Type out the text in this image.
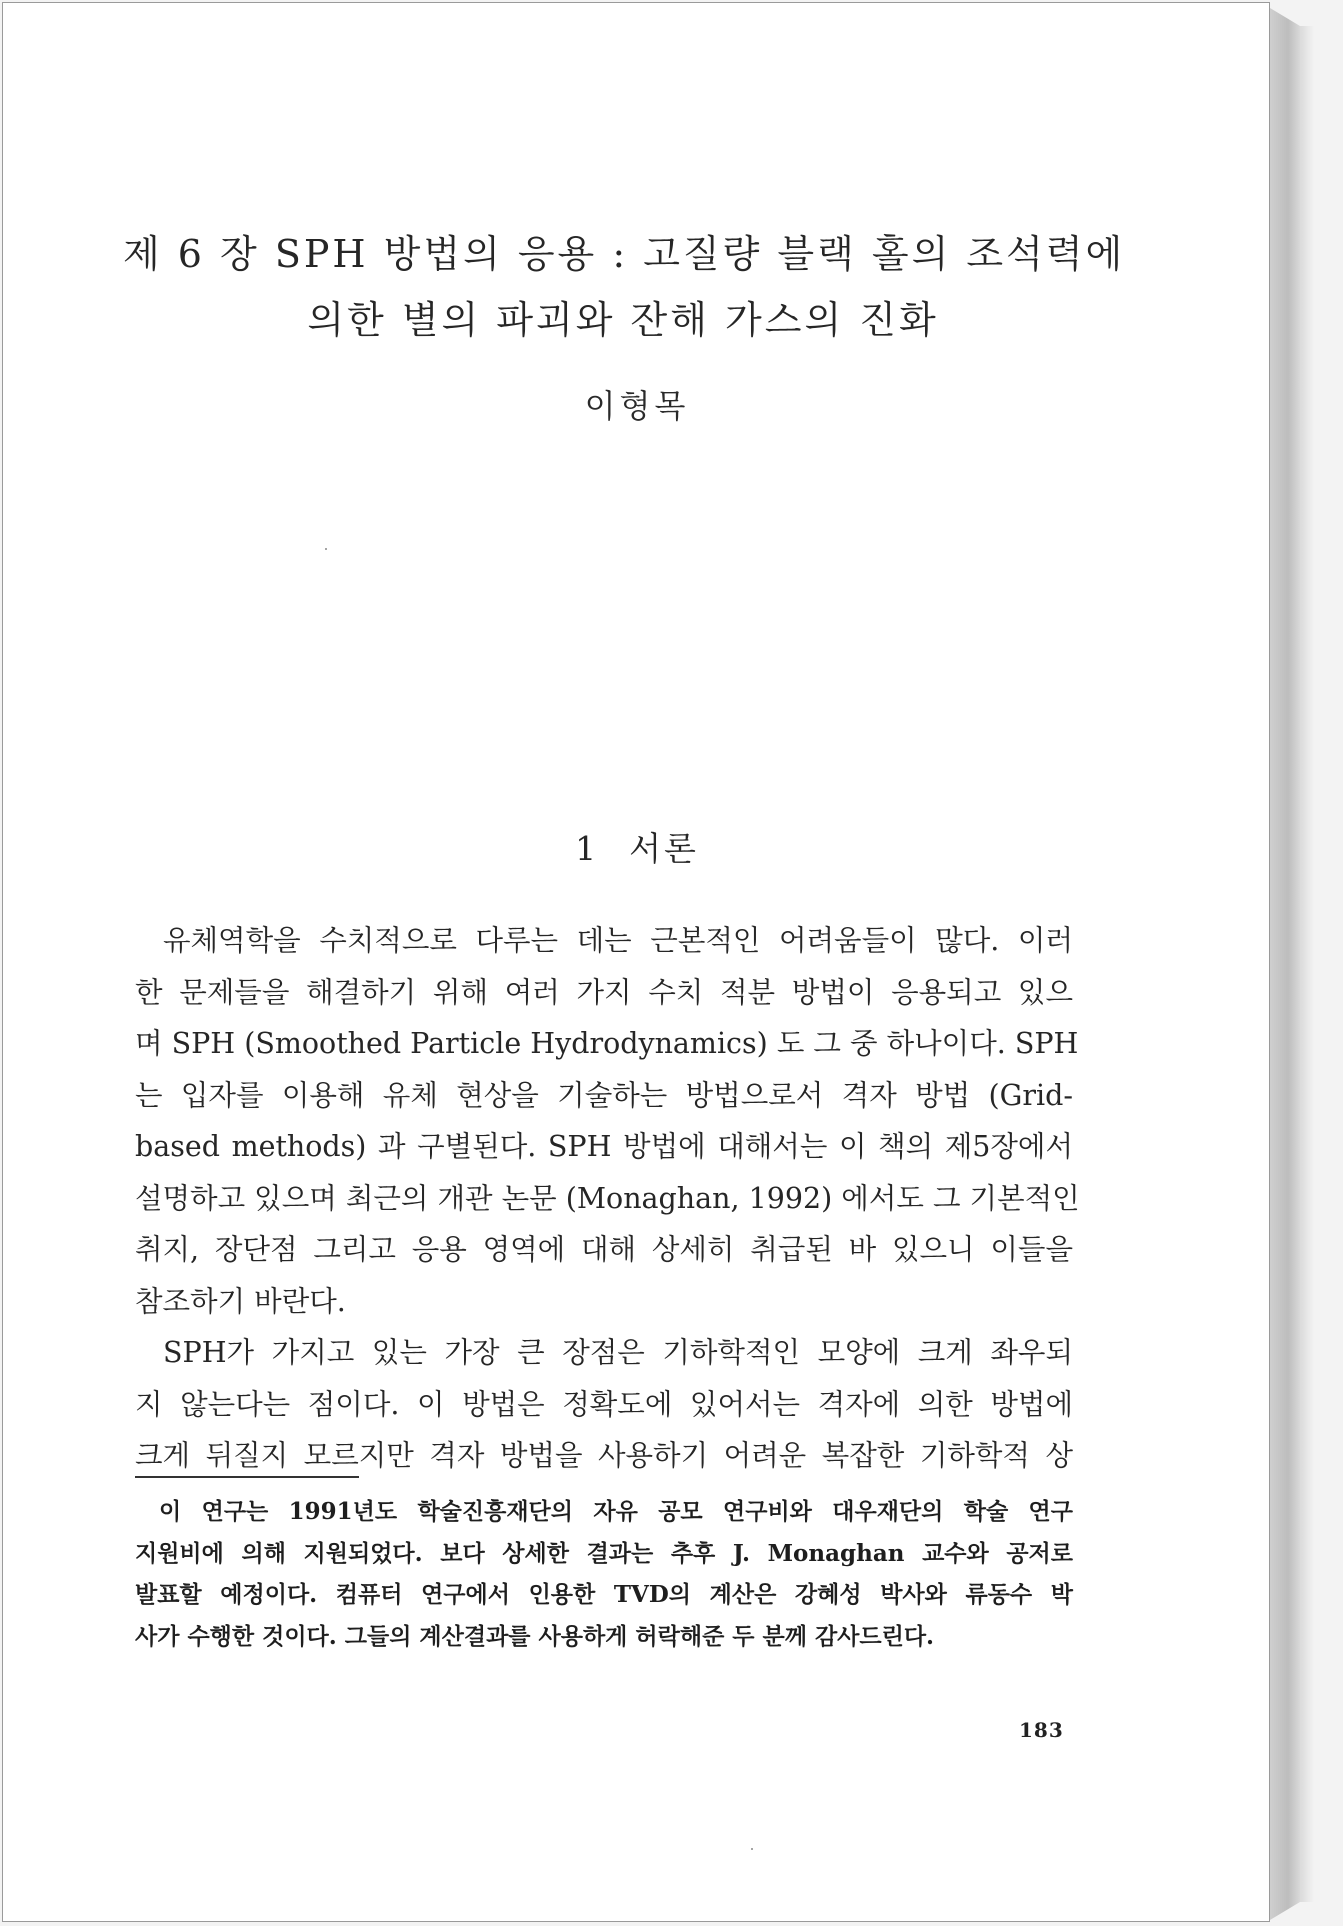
제 6 장 SPH 방법의 응용 : 고질량 블랙 홀의 조석력에
의한 별의 파괴와 잔해 가스의 진화
이형목
1 서론
유체역학을 수치적으로 다루는 데는 근본적인 어려움들이 많다. 이러
한 문제들을 해결하기 위해 여러 가지 수치 적분 방법이 응용되고 있으
며 SPH (Smoothed Particle Hydrodynamics) 도 그 중 하나이다. SPH
는 입자를 이용해 유체 현상을 기술하는 방법으로서 격자 방법 (Grid-
based methods) 과 구별된다. SPH 방법에 대해서는 이 책의 제5장에서
설명하고 있으며 최근의 개관 논문 (Monaghan, 1992) 에서도 그 기본적인
취지, 장단점 그리고 응용 영역에 대해 상세히 취급된 바 있으니 이들을
참조하기 바란다.
SPH가 가지고 있는 가장 큰 장점은 기하학적인 모양에 크게 좌우되
지 않는다는 점이다. 이 방법은 정확도에 있어서는 격자에 의한 방법에
크게 뒤질지 모르지만 격자 방법을 사용하기 어려운 복잡한 기하학적 상
이 연구는 1991년도 학술진흥재단의 자유 공모 연구비와 대우재단의 학술 연구
지원비에 의해 지원되었다. 보다 상세한 결과는 추후 J. Monaghan 교수와 공저로
발표할 예정이다. 컴퓨터 연구에서 인용한 TVD의 계산은 강혜성 박사와 류동수 박
사가 수행한 것이다. 그들의 계산결과를 사용하게 허락해준 두 분께 감사드린다.
183
